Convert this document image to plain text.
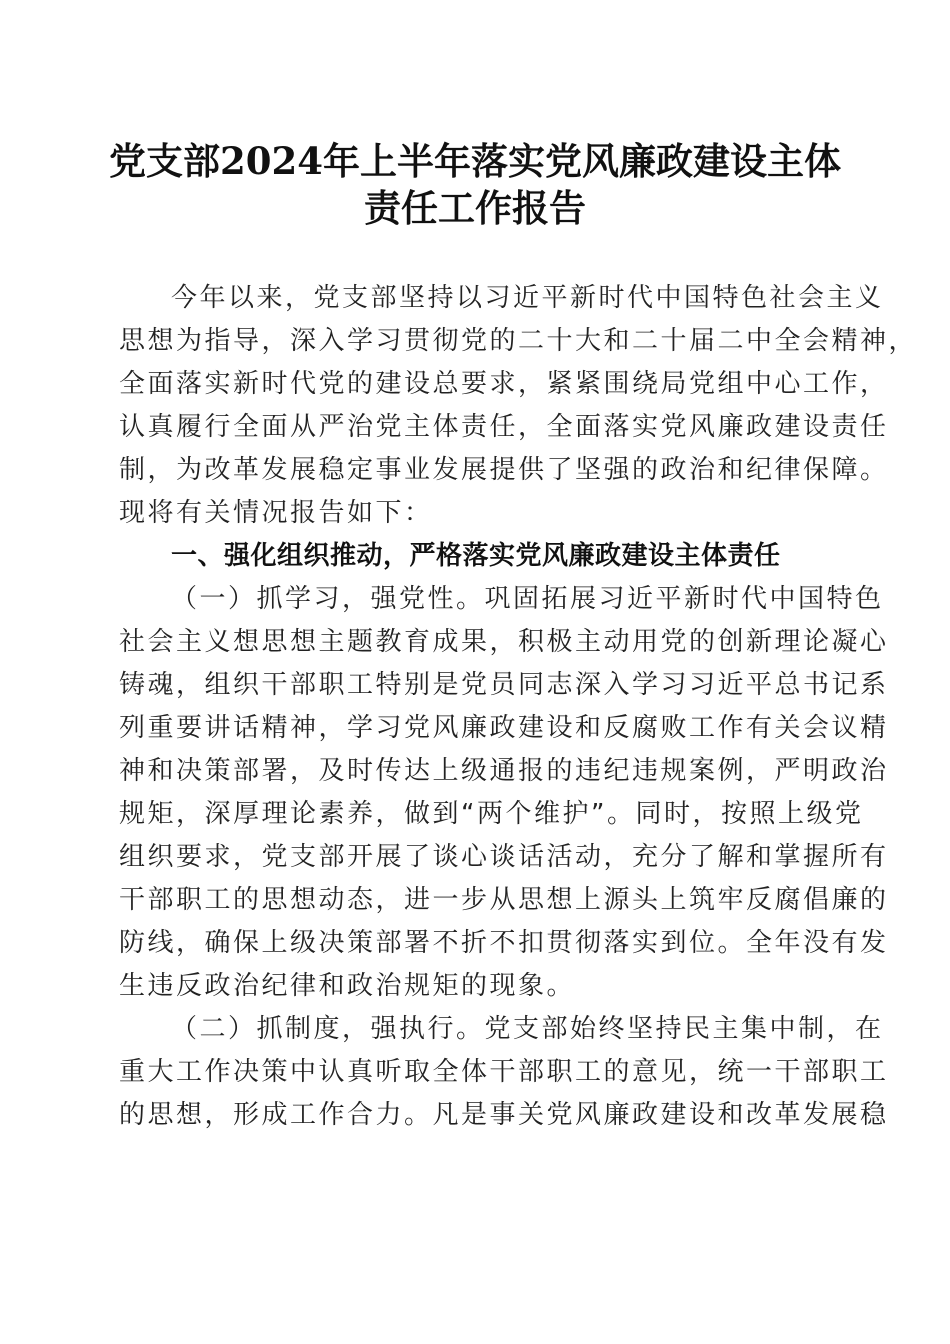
党支部2024年上半年落实党风廉政建设主体
责任工作报告
今年以来，党支部坚持以习近平新时代中国特色社会主义
思想为指导，深入学习贯彻党的二十大和二十届二中全会精神，
全面落实新时代党的建设总要求，紧紧围绕局党组中心工作，
认真履行全面从严治党主体责任，全面落实党风廉政建设责任
制，为改革发展稳定事业发展提供了坚强的政治和纪律保障。
现将有关情况报告如下：
一、强化组织推动，严格落实党风廉政建设主体责任
（一）抓学习，强党性。巩固拓展习近平新时代中国特色
社会主义想思想主题教育成果，积极主动用党的创新理论凝心
铸魂，组织干部职工特别是党员同志深入学习习近平总书记系
列重要讲话精神，学习党风廉政建设和反腐败工作有关会议精
神和决策部署，及时传达上级通报的违纪违规案例，严明政治
规矩，深厚理论素养，做到“两个维护”。同时，按照上级党
组织要求，党支部开展了谈心谈话活动，充分了解和掌握所有
干部职工的思想动态，进一步从思想上源头上筑牢反腐倡廉的
防线，确保上级决策部署不折不扣贯彻落实到位。全年没有发
生违反政治纪律和政治规矩的现象。
（二）抓制度，强执行。党支部始终坚持民主集中制，在
重大工作决策中认真听取全体干部职工的意见，统一干部职工
的思想，形成工作合力。凡是事关党风廉政建设和改革发展稳
